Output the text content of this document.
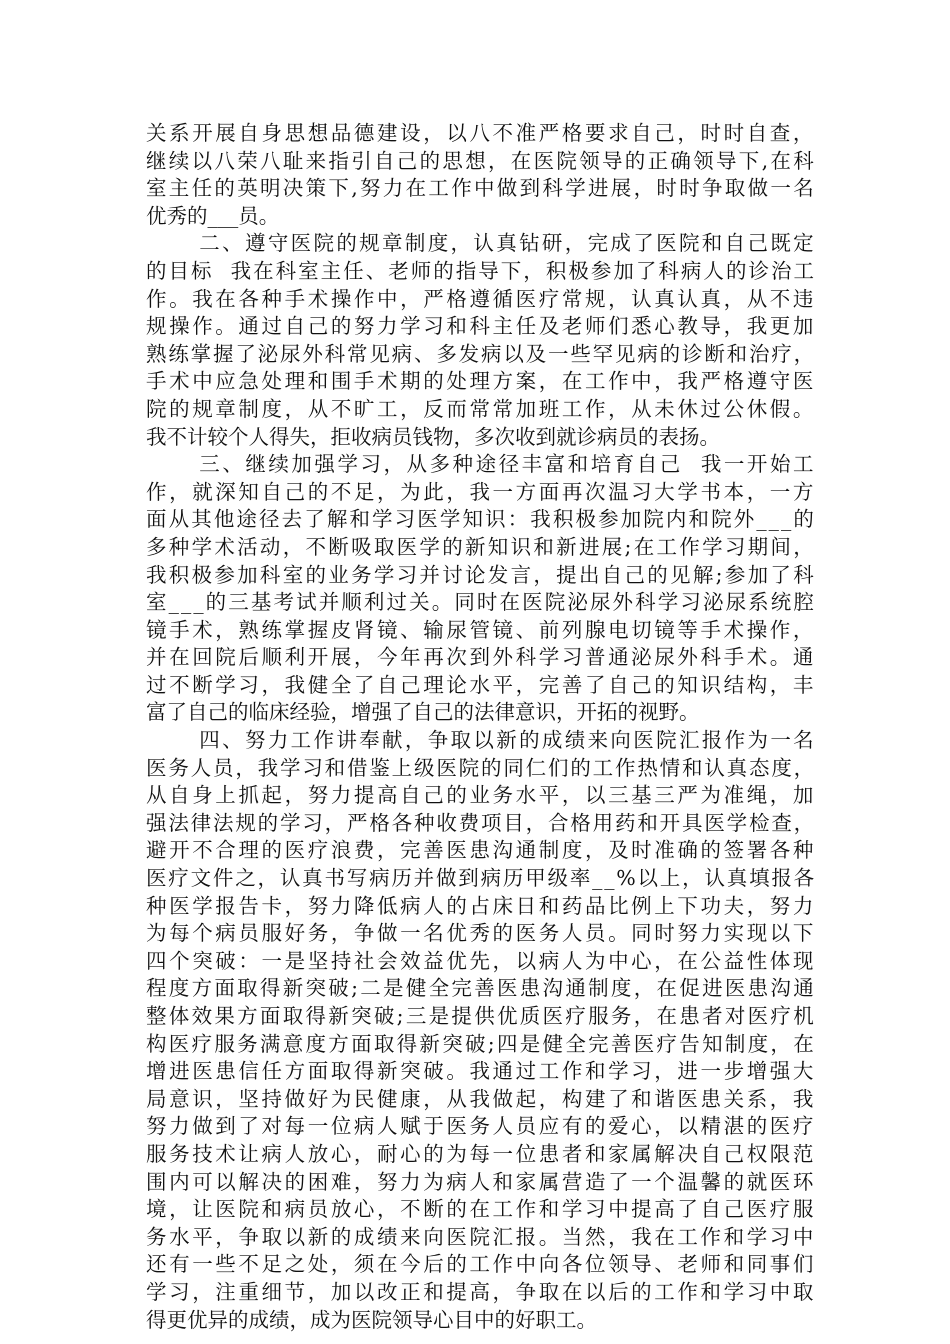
关系开展自身思想品德建设，以八不准严格要求自己，时时自查，
继续以八荣八耻来指引自己的思想，在医院领导的正确领导下,在科
室主任的英明决策下,努力在工作中做到科学进展，时时争取做一名
优秀的___员。
二、遵守医院的规章制度，认真钻研，完成了医院和自己既定
的目标  我在科室主任、老师的指导下，积极参加了科病人的诊治工
作。我在各种手术操作中，严格遵循医疗常规，认真认真，从不违
规操作。通过自己的努力学习和科主任及老师们悉心教导，我更加
熟练掌握了泌尿外科常见病、多发病以及一些罕见病的诊断和治疗，
手术中应急处理和围手术期的处理方案，在工作中，我严格遵守医
院的规章制度，从不旷工，反而常常加班工作，从未休过公休假。
我不计较个人得失，拒收病员钱物，多次收到就诊病员的表扬。
三、继续加强学习，从多种途径丰富和培育自己  我一开始工
作，就深知自己的不足，为此，我一方面再次温习大学书本，一方
面从其他途径去了解和学习医学知识：我积极参加院内和院外___的
多种学术活动，不断吸取医学的新知识和新进展;在工作学习期间，
我积极参加科室的业务学习并讨论发言，提出自己的见解;参加了科
室___的三基考试并顺利过关。同时在医院泌尿外科学习泌尿系统腔
镜手术，熟练掌握皮肾镜、输尿管镜、前列腺电切镜等手术操作，
并在回院后顺利开展，今年再次到外科学习普通泌尿外科手术。通
过不断学习，我健全了自己理论水平，完善了自己的知识结构，丰
富了自己的临床经验，增强了自己的法律意识，开拓的视野。
四、努力工作讲奉献，争取以新的成绩来向医院汇报作为一名
医务人员，我学习和借鉴上级医院的同仁们的工作热情和认真态度，
从自身上抓起，努力提高自己的业务水平，以三基三严为准绳，加
强法律法规的学习，严格各种收费项目，合格用药和开具医学检查，
避开不合理的医疗浪费，完善医患沟通制度，及时准确的签署各种
医疗文件之，认真书写病历并做到病历甲级率__%以上，认真填报各
种医学报告卡，努力降低病人的占床日和药品比例上下功夫，努力
为每个病员服好务，争做一名优秀的医务人员。同时努力实现以下
四个突破：一是坚持社会效益优先，以病人为中心，在公益性体现
程度方面取得新突破;二是健全完善医患沟通制度，在促进医患沟通
整体效果方面取得新突破;三是提供优质医疗服务，在患者对医疗机
构医疗服务满意度方面取得新突破;四是健全完善医疗告知制度，在
增进医患信任方面取得新突破。我通过工作和学习，进一步增强大
局意识，坚持做好为民健康，从我做起，构建了和谐医患关系，我
努力做到了对每一位病人赋于医务人员应有的爱心，以精湛的医疗
服务技术让病人放心，耐心的为每一位患者和家属解决自己权限范
围内可以解决的困难，努力为病人和家属营造了一个温馨的就医环
境，让医院和病员放心，不断的在工作和学习中提高了自己医疗服
务水平，争取以新的成绩来向医院汇报。当然，我在工作和学习中
还有一些不足之处，须在今后的工作中向各位领导、老师和同事们
学习，注重细节，加以改正和提高，争取在以后的工作和学习中取
得更优异的成绩，成为医院领导心目中的好职工。
